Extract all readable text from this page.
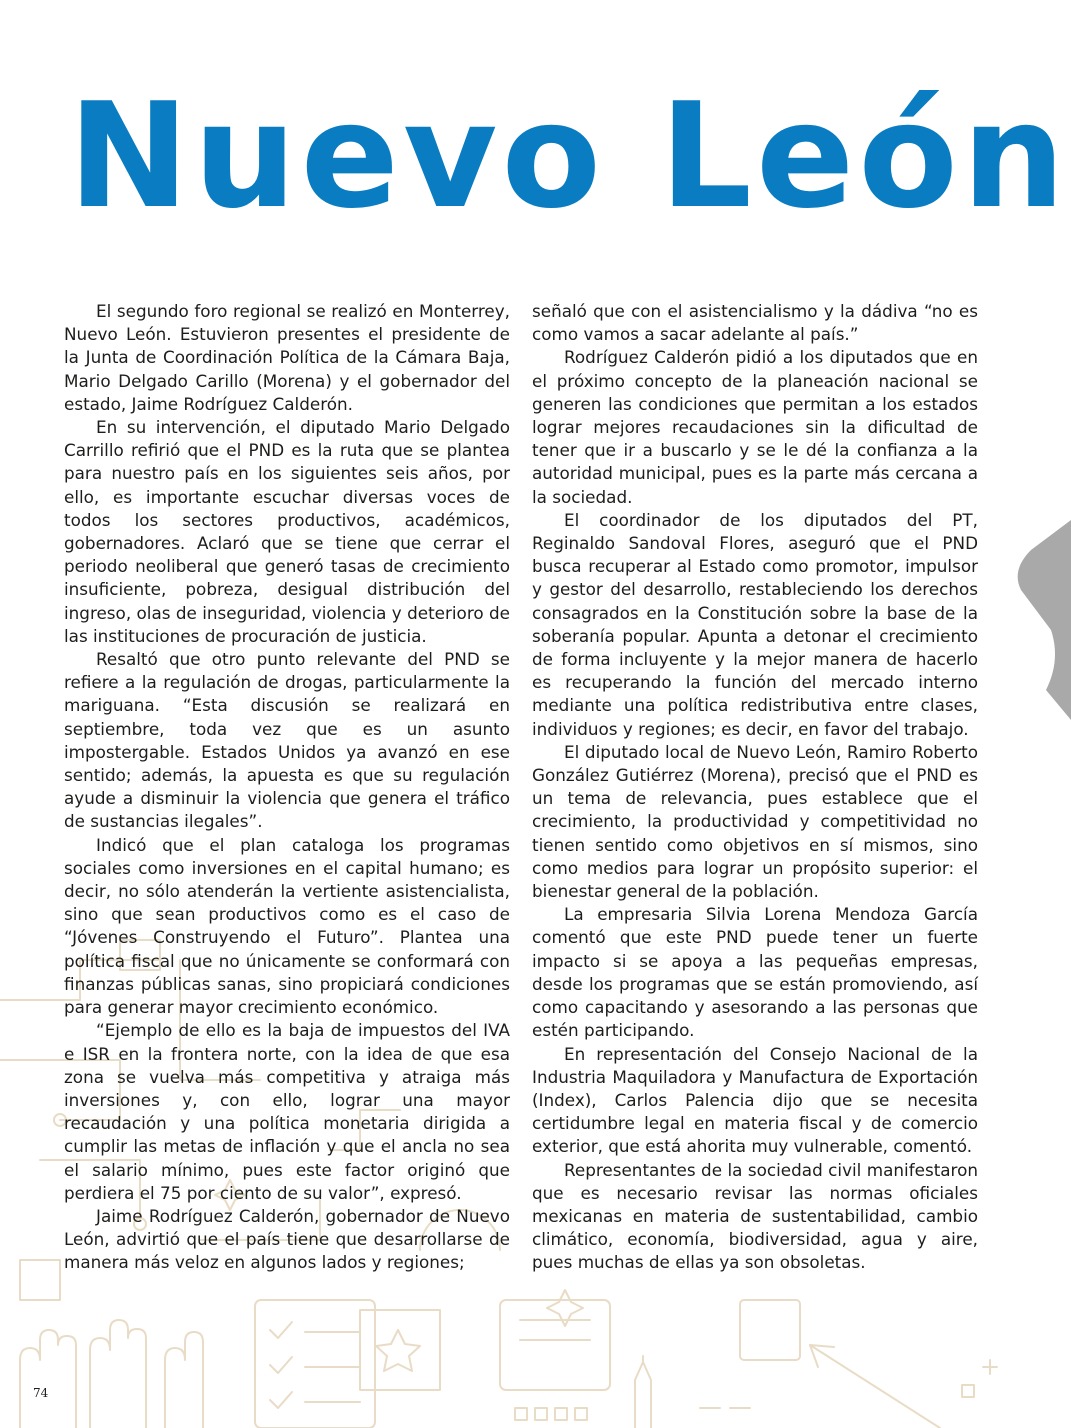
Nuevo León

El segundo foro regional se realizó en Monterrey, Nuevo León. Estuvieron presentes el presidente de la Junta de Coordinación Política de la Cámara Baja, Mario Delgado Carillo (Morena) y el gobernador del estado, Jaime Rodríguez Calderón.

En su intervención, el diputado Mario Delgado Carrillo refirió que el PND es la ruta que se plantea para nuestro país en los siguientes seis años, por ello, es importante escuchar diversas voces de todos los sectores productivos, académicos, gobernadores. Aclaró que se tiene que cerrar el periodo neoliberal que generó tasas de crecimiento insuficiente, pobreza, desigual distribución del ingreso, olas de inseguridad, violencia y deterioro de las instituciones de procuración de justicia.

Resaltó que otro punto relevante del PND se refiere a la regulación de drogas, particularmente la mariguana. “Esta discusión se realizará en septiembre, toda vez que es un asunto impostergable. Estados Unidos ya avanzó en ese sentido; además, la apuesta es que su regulación ayude a disminuir la violencia que genera el tráfico de sustancias ilegales”.

Indicó que el plan cataloga los programas sociales como inversiones en el capital humano; es decir, no sólo atenderán la vertiente asistencialista, sino que sean productivos como es el caso de “Jóvenes Construyendo el Futuro”. Plantea una política fiscal que no únicamente se conformará con finanzas públicas sanas, sino propiciará condiciones para generar mayor crecimiento económico.

“Ejemplo de ello es la baja de impuestos del IVA e ISR en la frontera norte, con la idea de que esa zona se vuelva más competitiva y atraiga más inversiones y, con ello, lograr una mayor recaudación y una política monetaria dirigida a cumplir las metas de inflación y que el ancla no sea el salario mínimo, pues este factor originó que perdiera el 75 por ciento de su valor”, expresó.

Jaime Rodríguez Calderón, gobernador de Nuevo León, advirtió que el país tiene que desarrollarse de manera más veloz en algunos lados y regiones;

señaló que con el asistencialismo y la dádiva “no es como vamos a sacar adelante al país.”

Rodríguez Calderón pidió a los diputados que en el próximo concepto de la planeación nacional se generen las condiciones que permitan a los estados lograr mejores recaudaciones sin la dificultad de tener que ir a buscarlo y se le dé la confianza a la autoridad municipal, pues es la parte más cercana a la sociedad.

El coordinador de los diputados del PT, Reginaldo Sandoval Flores, aseguró que el PND busca recuperar al Estado como promotor, impulsor y gestor del desarrollo, restableciendo los derechos consagrados en la Constitución sobre la base de la soberanía popular. Apunta a detonar el crecimiento de forma incluyente y la mejor manera de hacerlo es recuperando la función del mercado interno mediante una política redistributiva entre clases, individuos y regiones; es decir, en favor del trabajo.

El diputado local de Nuevo León, Ramiro Roberto González Gutiérrez (Morena), precisó que el PND es un tema de relevancia, pues establece que el crecimiento, la productividad y competitividad no tienen sentido como objetivos en sí mismos, sino como medios para lograr un propósito superior: el bienestar general de la población.

La empresaria Silvia Lorena Mendoza García comentó que este PND puede tener un fuerte impacto si se apoya a las pequeñas empresas, desde los programas que se están promoviendo, así como capacitando y asesorando a las personas que estén participando.

En representación del Consejo Nacional de la Industria Maquiladora y Manufactura de Exportación (Index), Carlos Palencia dijo que se necesita certidumbre legal en materia fiscal y de comercio exterior, que está ahorita muy vulnerable, comentó.

Representantes de la sociedad civil manifestaron que es necesario revisar las normas oficiales mexicanas en materia de sustentabilidad, cambio climático, economía, biodiversidad, agua y aire, pues muchas de ellas ya son obsoletas.

74
